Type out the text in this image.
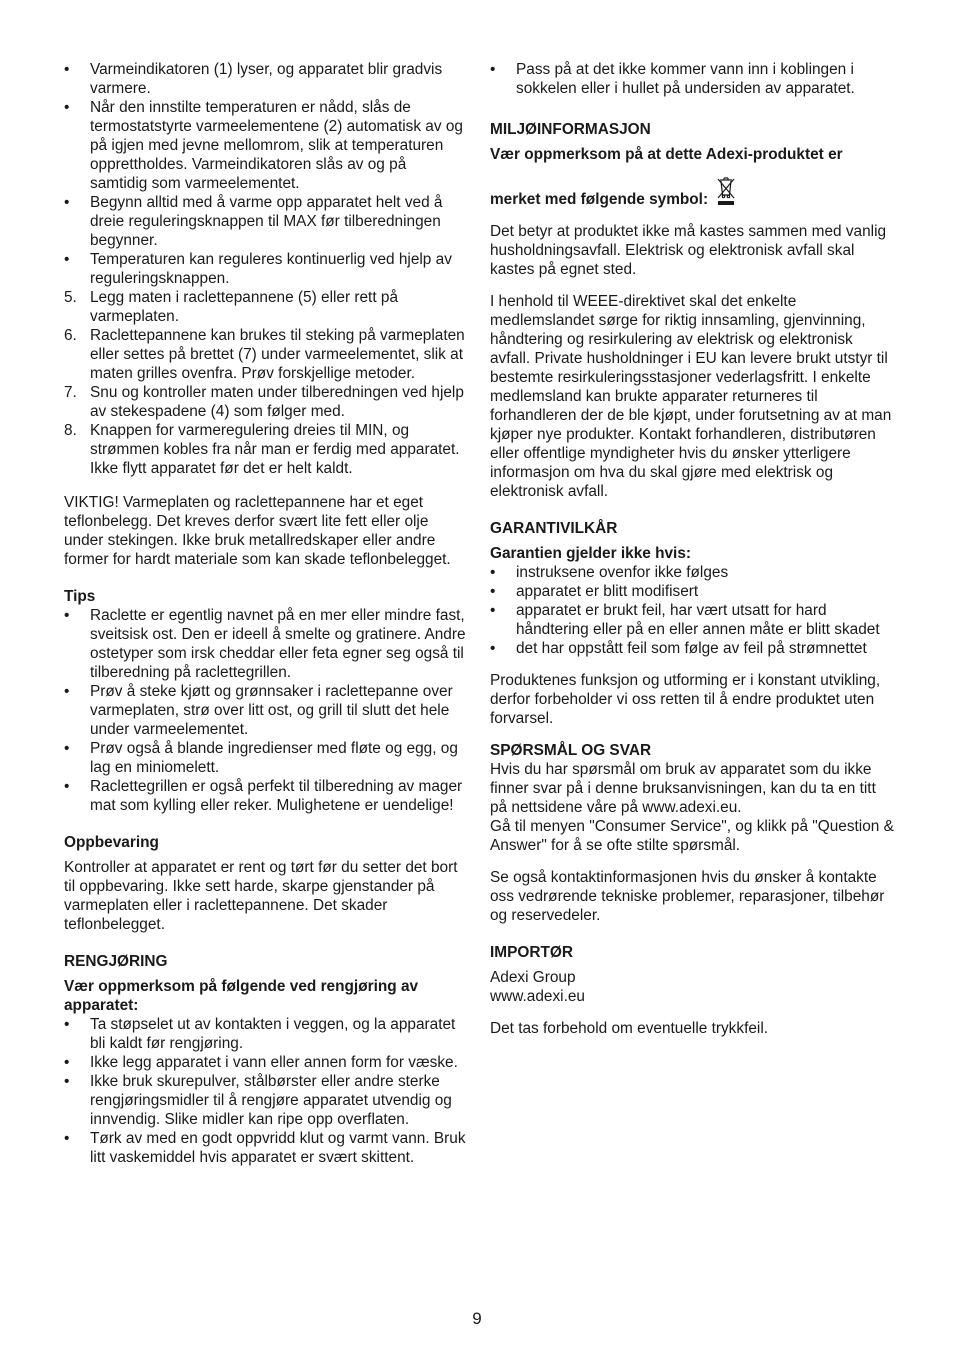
•	Varmeindikatoren (1) lyser, og apparatet blir gradvis varmere.
•	Når den innstilte temperaturen er nådd, slås de termostatstyrte varmeelementene (2) automatisk av og på igjen med jevne mellomrom, slik at temperaturen opprettholdes. Varmeindikatoren slås av og på samtidig som varmeelementet.
•	Begynn alltid med å varme opp apparatet helt ved å dreie reguleringsknappen til MAX før tilberedningen begynner.
•	Temperaturen kan reguleres kontinuerlig ved hjelp av reguleringsknappen.
5. Legg maten i raclettepannene (5) eller rett på varmeplaten.
6. Raclettepannene kan brukes til steking på varmeplaten eller settes på brettet (7) under varmeelementet, slik at maten grilles ovenfra. Prøv forskjellige metoder.
7. Snu og kontroller maten under tilberedningen ved hjelp av stekespadene (4) som følger med.
8. Knappen for varmeregulering dreies til MIN, og strømmen kobles fra når man er ferdig med apparatet. Ikke flytt apparatet før det er helt kaldt.

VIKTIG! Varmeplaten og raclettepannene har et eget teflonbelegg. Det kreves derfor svært lite fett eller olje under stekingen. Ikke bruk metallredskaper eller andre former for hardt materiale som kan skade teflonbelegget.

Tips

•	Raclette er egentlig navnet på en mer eller mindre fast, sveitsisk ost. Den er ideell å smelte og gratinere. Andre ostetyper som irsk cheddar eller feta egner seg også til tilberedning på raclettegrillen.
•	Prøv å steke kjøtt og grønnsaker i raclettepanne over varmeplaten, strø over litt ost, og grill til slutt det hele under varmeelementet.
•	Prøv også å blande ingredienser med fløte og egg, og lag en miniomelett.
•	Raclettegrillen er også perfekt til tilberedning av mager mat som kylling eller reker. Mulighetene er uendelige!

Oppbevaring

Kontroller at apparatet er rent og tørt før du setter det bort til oppbevaring. Ikke sett harde, skarpe gjenstander på varmeplaten eller i raclettepannene. Det skader teflonbelegget.

RENGJØRING

Vær oppmerksom på følgende ved rengjøring av apparatet:

•	Ta støpselet ut av kontakten i veggen, og la apparatet bli kaldt før rengjøring.
•	Ikke legg apparatet i vann eller annen form for væske.
•	Ikke bruk skurepulver, stålbørster eller andre sterke rengjøringsmidler til å rengjøre apparatet utvendig og innvendig. Slike midler kan ripe opp overflaten.
•	Tørk av med en godt oppvridd klut og varmt vann. Bruk litt vaskemiddel hvis apparatet er svært skittent.
•	Pass på at det ikke kommer vann inn i koblingen i sokkelen eller i hullet på undersiden av apparatet.

MILJØINFORMASJON

Vær oppmerksom på at dette Adexi-produktet er

merket med følgende symbol:

Det betyr at produktet ikke må kastes sammen med vanlig husholdningsavfall. Elektrisk og elektronisk avfall skal kastes på egnet sted.

I henhold til WEEE-direktivet skal det enkelte medlemslandet sørge for riktig innsamling, gjenvinning, håndtering og resirkulering av elektrisk og elektronisk avfall. Private husholdninger i EU kan levere brukt utstyr til bestemte resirkuleringsstasjoner vederlagsfritt. I enkelte medlemsland kan brukte apparater returneres til forhandleren der de ble kjøpt, under forutsetning av at man kjøper nye produkter. Kontakt forhandleren, distributøren eller offentlige myndigheter hvis du ønsker ytterligere informasjon om hva du skal gjøre med elektrisk og elektronisk avfall.

GARANTIVILKÅR

Garantien gjelder ikke hvis:

•	instruksene ovenfor ikke følges
•	apparatet er blitt modifisert
•	apparatet er brukt feil, har vært utsatt for hard håndtering eller på en eller annen måte er blitt skadet
•	det har oppstått feil som følge av feil på strømnettet

Produktenes funksjon og utforming er i konstant utvikling, derfor forbeholder vi oss retten til å endre produktet uten forvarsel.

SPØRSMÅL OG SVAR

Hvis du har spørsmål om bruk av apparatet som du ikke finner svar på i denne bruksanvisningen, kan du ta en titt på nettsidene våre på www.adexi.eu.

Gå til menyen "Consumer Service", og klikk på "Question & Answer" for å se ofte stilte spørsmål.

Se også kontaktinformasjonen hvis du ønsker å kontakte oss vedrørende tekniske problemer, reparasjoner, tilbehør og reservedeler.

IMPORTØR

Adexi Group

www.adexi.eu

Det tas forbehold om eventuelle trykkfeil.

9
